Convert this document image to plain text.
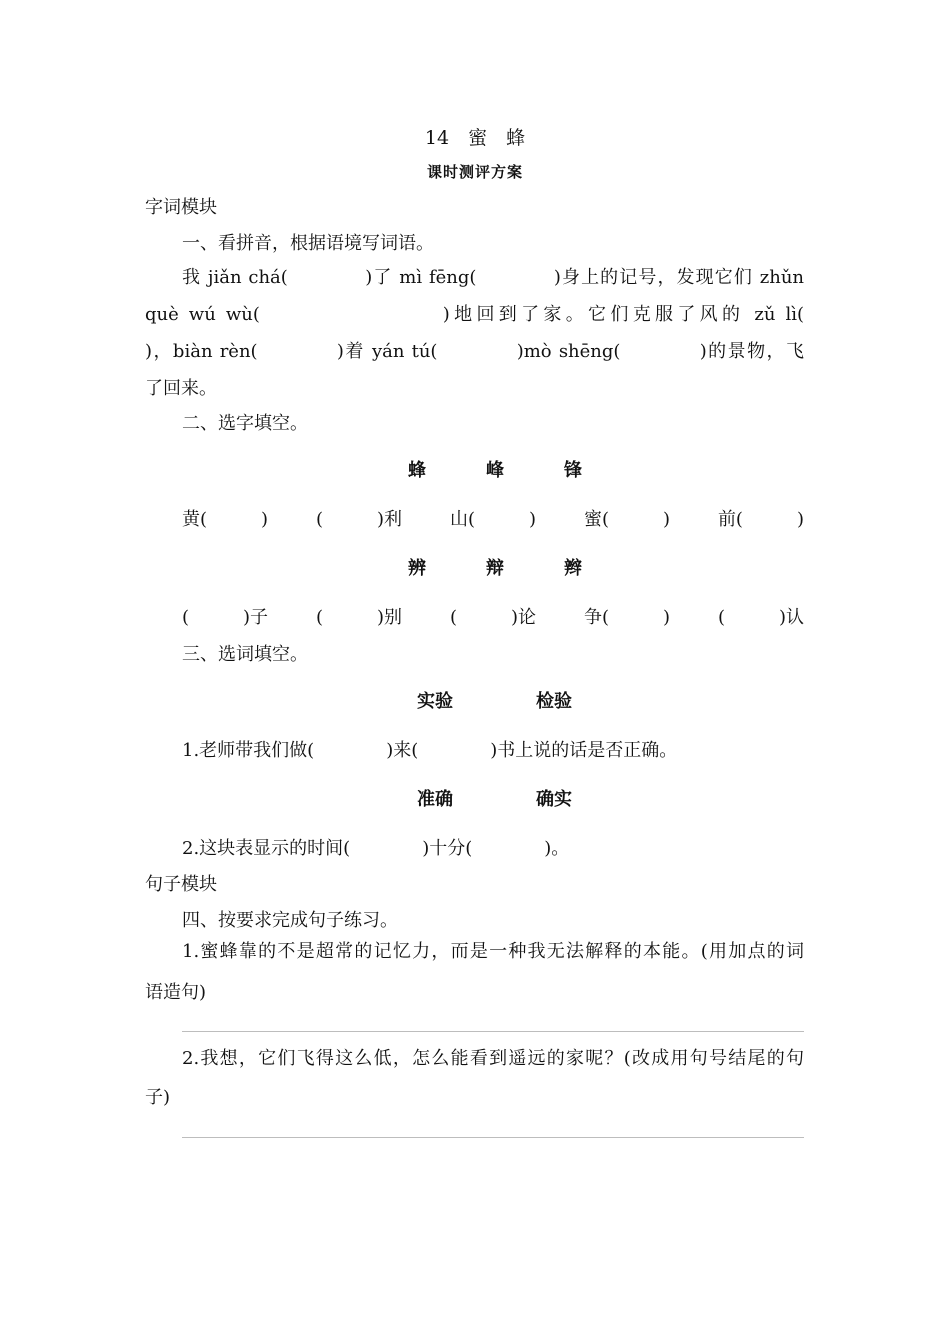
14　蜜　蜂
课时测评方案
字词模块
一、看拼音，根据语境写词语。
我 jiǎn chá(　　　　)了 mì fēng(　　　　)身上的记号，发现它们 zhǔn
què wú wù(　　　　　　　　)地回到了家。它们克服了风的 zǔ lì(
)，biàn rèn(　　　　)着 yán tú(　　　　)mò shēng(　　　　)的景物，飞
了回来。
二、选字填空。
蜂	峰	锋
黄(　　　)	(　　　)利	山(　　　)	蜜(　　　)	前(　　　)
辨	辩	辫
(　　　)子	(　　　)别	(　　　)论	争(　　　)	(　　　)认
三、选词填空。
实验	检验
1.老师带我们做(　　　　)来(　　　　)书上说的话是否正确。
准确	确实
2.这块表显示的时间(　　　　)十分(　　　　)。
句子模块
四、按要求完成句子练习。
1.蜜蜂靠的不是超常的记忆力，而是一种我无法解释的本能。(用加点的词
语造句)
2.我想，它们飞得这么低，怎么能看到遥远的家呢？(改成用句号结尾的句
子)
